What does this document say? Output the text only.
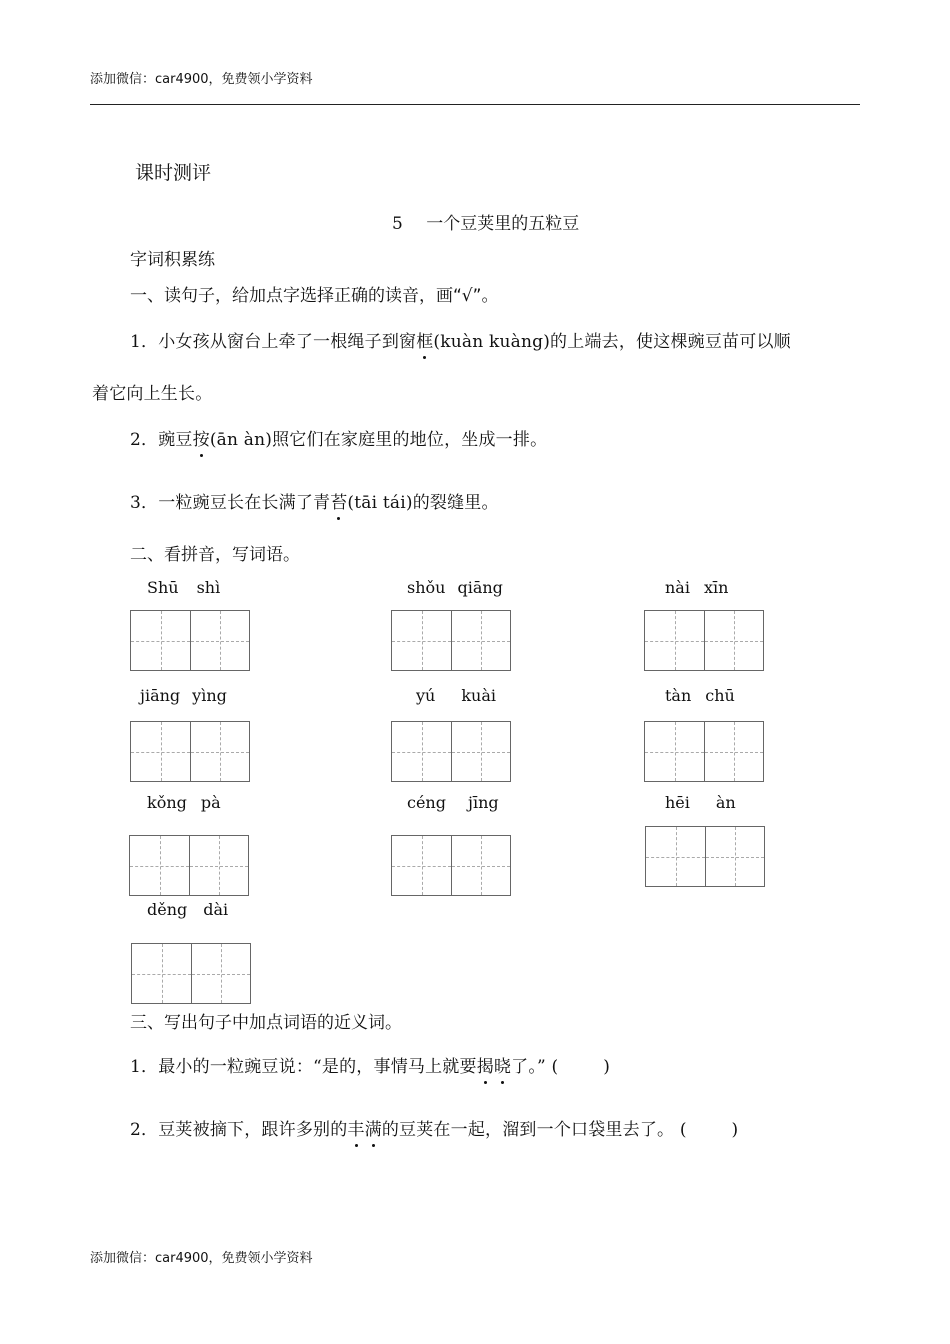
添加微信：car4900，免费领小学资料
课时测评
5 一个豆荚里的五粒豆
字词积累练
一、读句子，给加点字选择正确的读音，画“√”。
1．小女孩从窗台上牵了一根绳子到窗框(kuàn kuàng)的上端去，使这棵豌豆苗可以顺
着它向上生长。
2．豌豆按(ān àn)照它们在家庭里的地位，坐成一排。
3．一粒豌豆长在长满了青苔(tāi tái)的裂缝里。
二、看拼音，写词语。
Shū shì	shǒu qiāng	nài xīn
jiāng yìng	yú kuài	tàn chū
kǒng pà	céng jīng	hēi àn
děng dài
三、写出句子中加点词语的近义词。
1．最小的一粒豌豆说：“是的，事情马上就要揭晓了。” (	)
2．豆荚被摘下，跟许多别的丰满的豆荚在一起，溜到一个口袋里去了。 (	)
添加微信：car4900，免费领小学资料
